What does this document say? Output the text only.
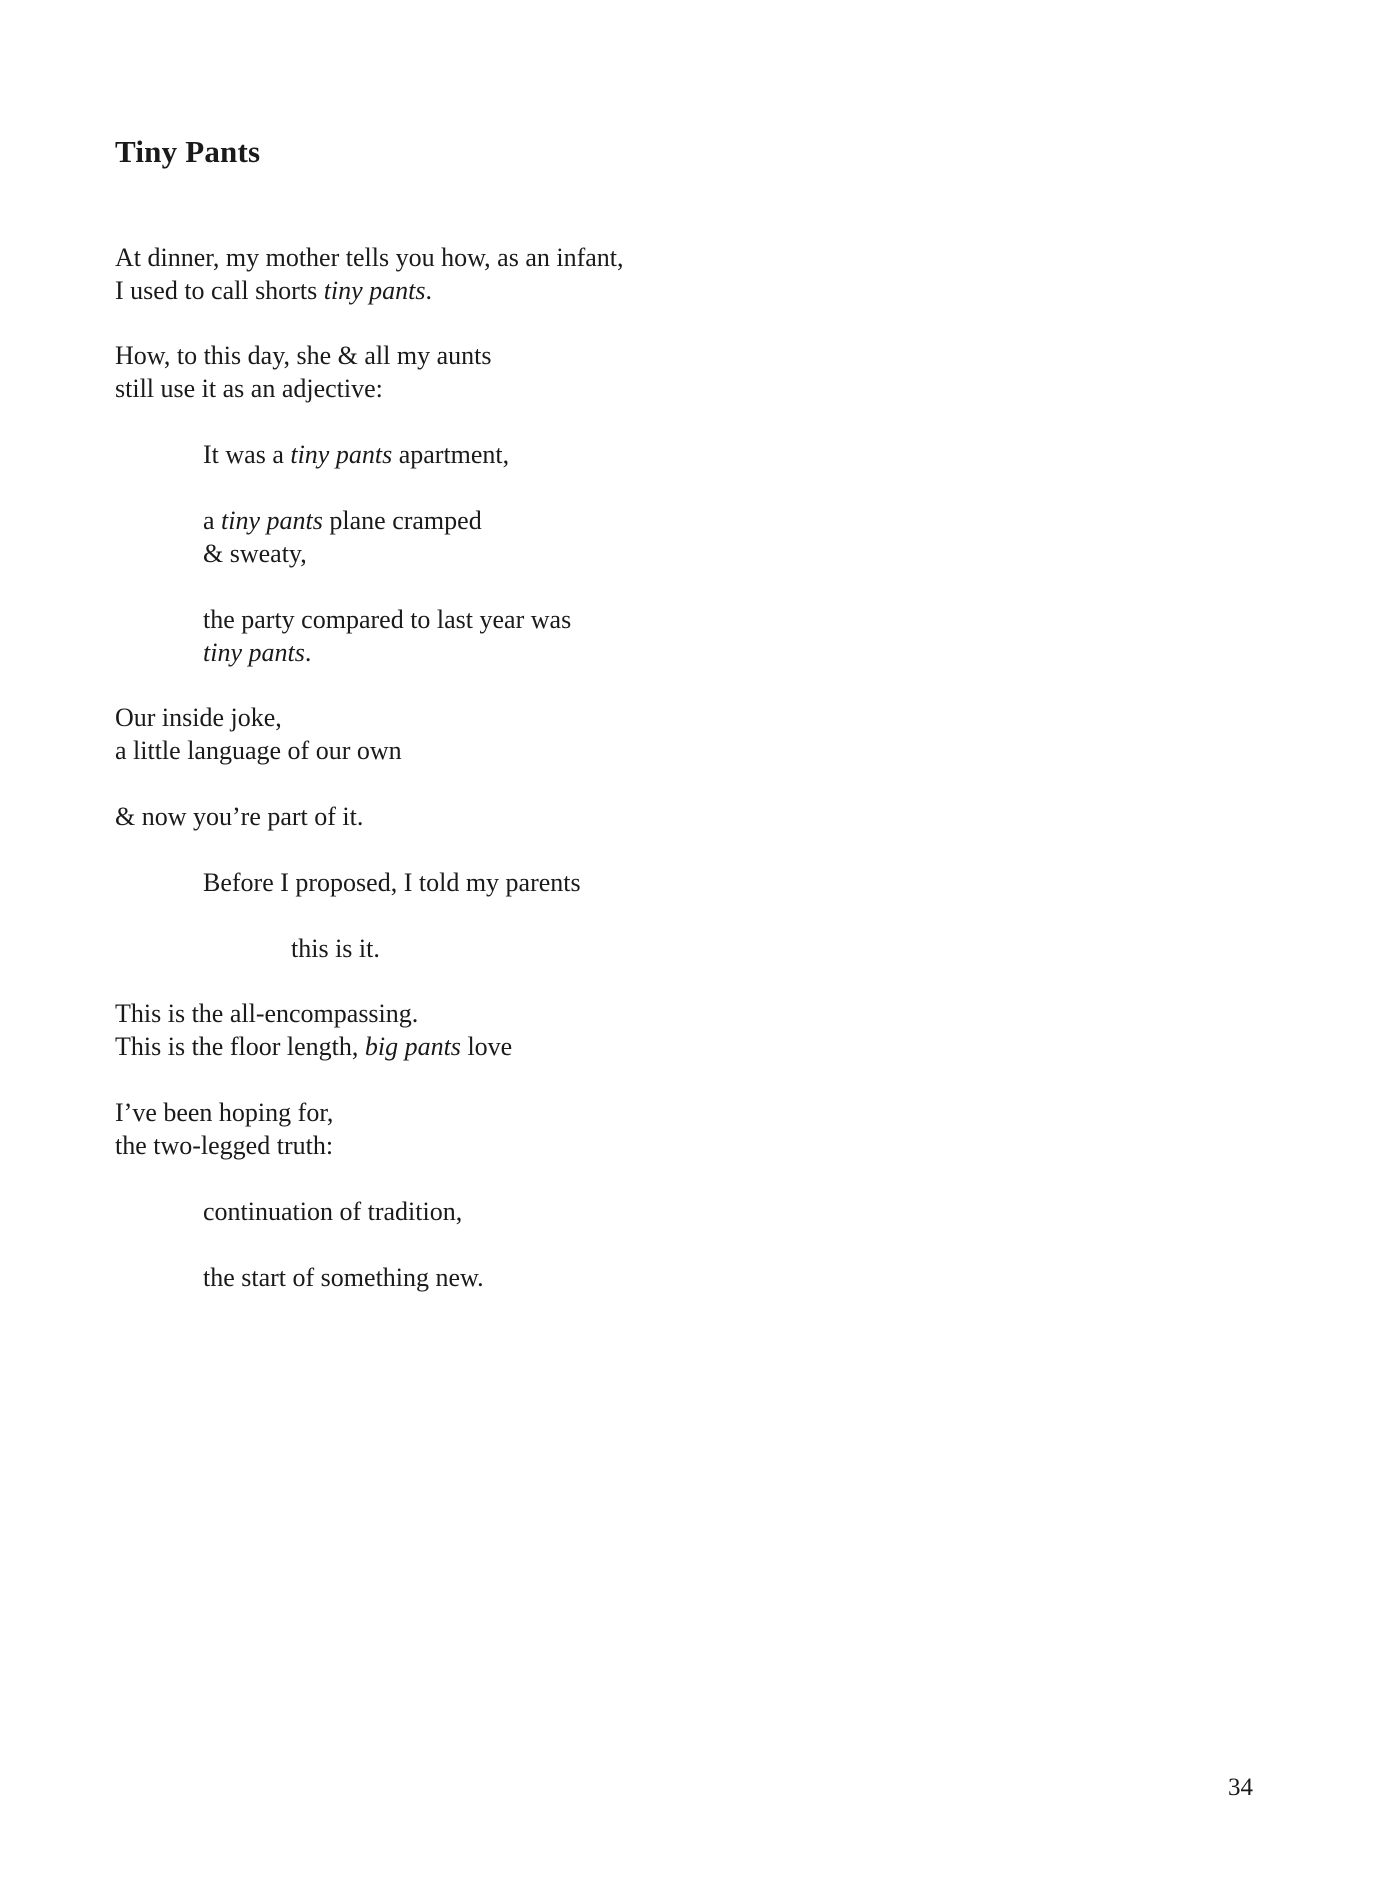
Tiny Pants
At dinner, my mother tells you how, as an infant,
I used to call shorts tiny pants.
How, to this day, she & all my aunts
still use it as an adjective:
It was a tiny pants apartment,
a tiny pants plane cramped
& sweaty,
the party compared to last year was
tiny pants.
Our inside joke,
a little language of our own
& now you’re part of it.
Before I proposed, I told my parents
this is it.
This is the all-encompassing.
This is the floor length, big pants love
I’ve been hoping for,
the two-legged truth:
continuation of tradition,
the start of something new.
34
